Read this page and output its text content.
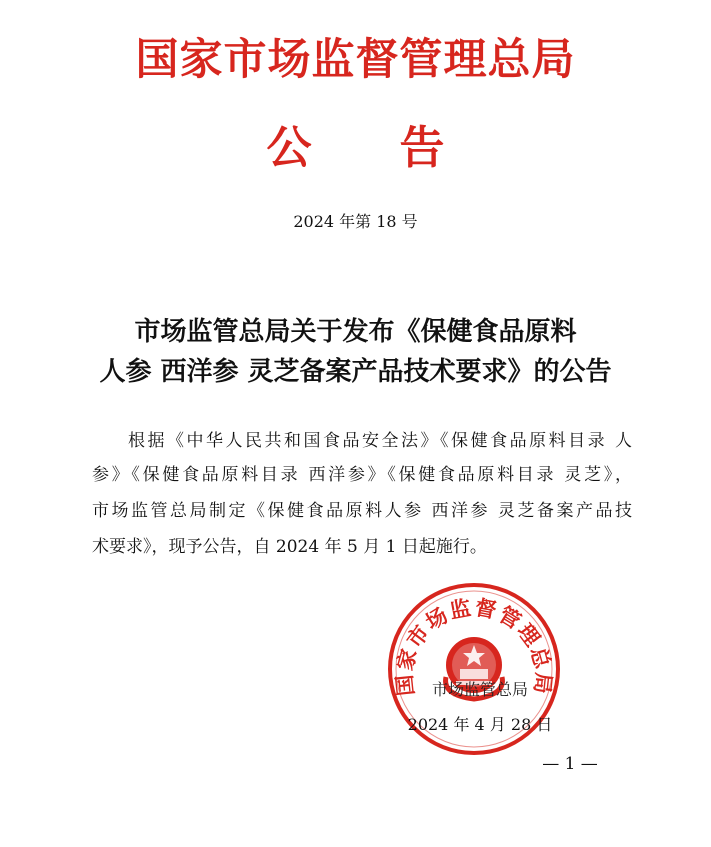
国家市场监督管理总局
公告
2024 年第 18 号
市场监管总局关于发布《保健食品原料
人参 西洋参 灵芝备案产品技术要求》的公告
根据《中华人民共和国食品安全法》《保健食品原料目录 人
参》《保健食品原料目录 西洋参》《保健食品原料目录 灵芝》，
市场监管总局制定《保健食品原料人参 西洋参 灵芝备案产品技
术要求》，现予公告，自 2024 年 5 月 1 日起施行。
国家市场监督管理总局
市场监管总局
2024 年 4 月 28 日
— 1 —
